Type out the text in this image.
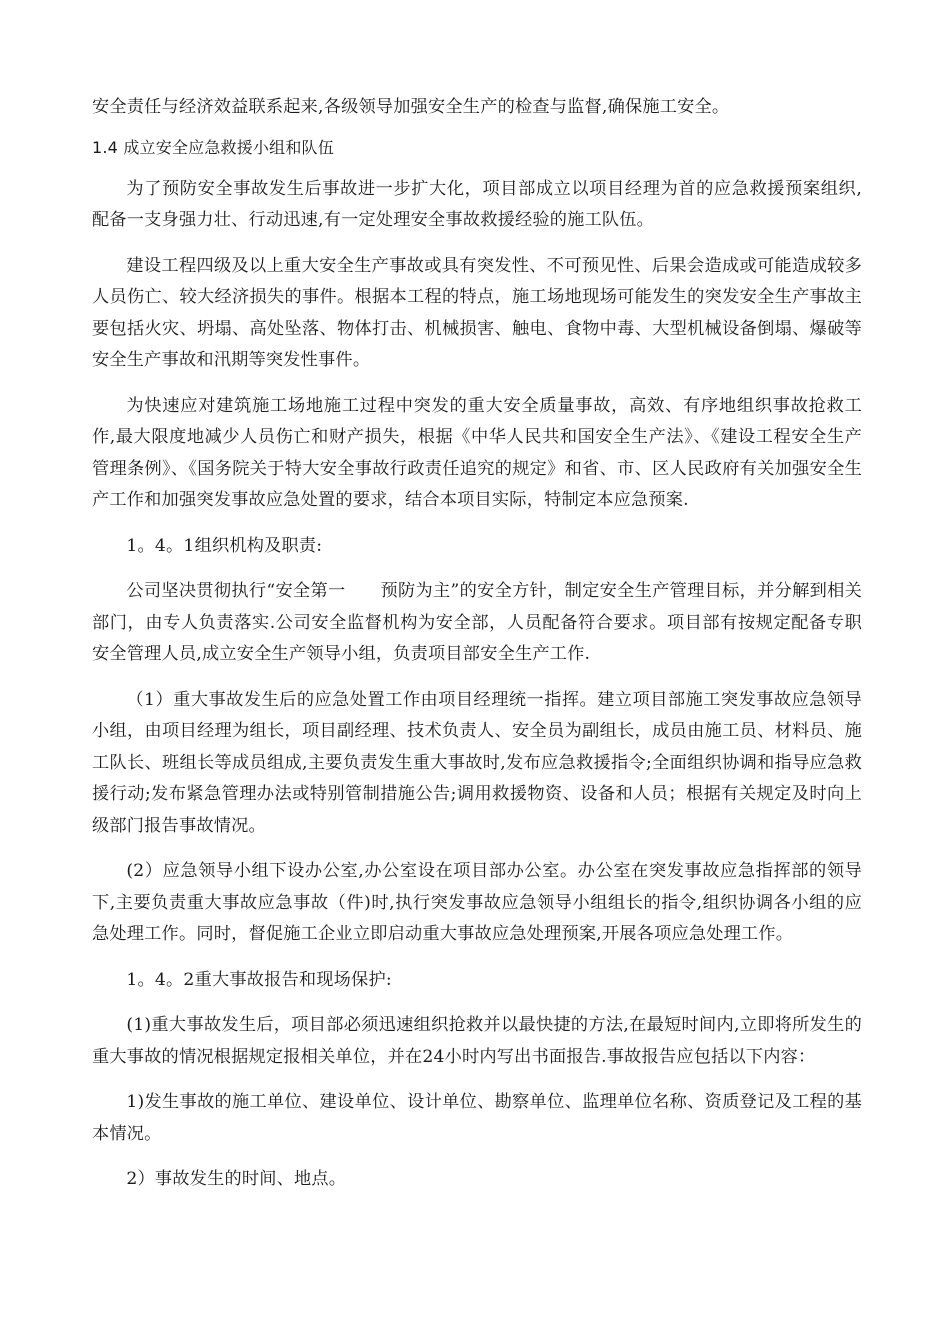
安全责任与经济效益联系起来,各级领导加强安全生产的检查与监督,确保施工安全。

1.4 成立安全应急救援小组和队伍

为了预防安全事故发生后事故进一步扩大化，项目部成立以项目经理为首的应急救援预案组织,配备一支身强力壮、行动迅速,有一定处理安全事故救援经验的施工队伍。

建设工程四级及以上重大安全生产事故或具有突发性、不可预见性、后果会造成或可能造成较多人员伤亡、较大经济损失的事件。根据本工程的特点，施工场地现场可能发生的突发安全生产事故主要包括火灾、坍塌、高处坠落、物体打击、机械损害、触电、食物中毒、大型机械设备倒塌、爆破等安全生产事故和汛期等突发性事件。

为快速应对建筑施工场地施工过程中突发的重大安全质量事故，高效、有序地组织事故抢救工作,最大限度地减少人员伤亡和财产损失，根据《中华人民共和国安全生产法》、《建设工程安全生产管理条例》、《国务院关于特大安全事故行政责任追究的规定》和省、市、区人民政府有关加强安全生产工作和加强突发事故应急处置的要求，结合本项目实际，特制定本应急预案.

1。4。1组织机构及职责:

公司坚决贯彻执行“安全第一　　预防为主”的安全方针，制定安全生产管理目标，并分解到相关部门，由专人负责落实.公司安全监督机构为安全部，人员配备符合要求。项目部有按规定配备专职安全管理人员,成立安全生产领导小组，负责项目部安全生产工作.

（1）重大事故发生后的应急处置工作由项目经理统一指挥。建立项目部施工突发事故应急领导小组，由项目经理为组长，项目副经理、技术负责人、安全员为副组长，成员由施工员、材料员、施工队长、班组长等成员组成,主要负责发生重大事故时,发布应急救援指令;全面组织协调和指导应急救援行动;发布紧急管理办法或特别管制措施公告;调用救援物资、设备和人员；根据有关规定及时向上级部门报告事故情况。

(2）应急领导小组下设办公室,办公室设在项目部办公室。办公室在突发事故应急指挥部的领导下,主要负责重大事故应急事故（件)时,执行突发事故应急领导小组组长的指令,组织协调各小组的应急处理工作。同时，督促施工企业立即启动重大事故应急处理预案,开展各项应急处理工作。

1。4。2重大事故报告和现场保护:

(1)重大事故发生后，项目部必须迅速组织抢救并以最快捷的方法,在最短时间内,立即将所发生的重大事故的情况根据规定报相关单位，并在24小时内写出书面报告.事故报告应包括以下内容：

1)发生事故的施工单位、建设单位、设计单位、勘察单位、监理单位名称、资质登记及工程的基本情况。

2）事故发生的时间、地点。
